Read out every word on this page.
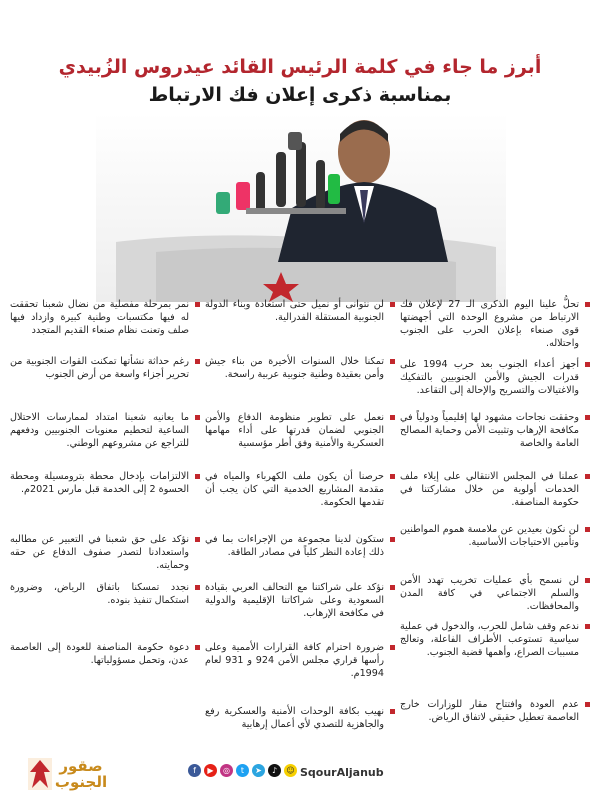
أبرز ما جاء في كلمة الرئيس القائد عيدروس الزُبيدي
بمناسبة ذكرى إعلان فك الارتباط
تحلُّ علينا اليوم الذكرى الـ 27 لإعلان فك الارتباط من مشروع الوحدة التي أجهضتها قوى صنعاء بإعلان الحرب على الجنوب واحتلاله.
أجهز أعداء الجنوب بعد حرب 1994 على قدرات الجيش والأمن الجنوبيين بالتفكيك والاغتيالات والتسريح والإحالة إلى التقاعد.
وحققت نجاحات مشهود لها إقليمياً ودولياً في مكافحة الإرهاب وتثبيت الأمن وحماية المصالح العامة والخاصة
عملنا في المجلس الانتقالي على إيلاء ملف الخدمات أولوية من خلال مشاركتنا في حكومة المناصفة.
لن نكون بعيدين عن ملامسة هموم المواطنين وتأمين الاحتياجات الأساسية.
لن نسمح بأي عمليات تخريب تهدد الأمن والسلم الاجتماعي في كافة المدن والمحافظات.
ندعم وقف شامل للحرب، والدخول في عملية سياسية تستوعب الأطراف الفاعلة، وتعالج مسببات الصراع، وأهمها قضية الجنوب.
عدم العودة وافتتاح مقار للوزارات خارج العاصمة تعطيل حقيقي لاتفاق الرياض.
لن نتوانى أو نميل حتى استعادة وبناء الدولة الجنوبية المستقلة الفدرالية.
تمكنا خلال السنوات الأخيرة من بناء جيش وأمن بعقيدة وطنية جنوبية عربية راسخة.
نعمل على تطوير منظومة الدفاع والأمن الجنوبي لضمان قدرتها على أداء مهامها العسكرية والأمنية وفق أطر مؤسسية
حرصنا أن يكون ملف الكهرباء والمياه في مقدمة المشاريع الخدمية التي كان يجب أن تقدمها الحكومة.
ستكون لدينا مجموعة من الإجراءات بما في ذلك إعادة النظر كلياً في مصادر الطاقة.
نؤكد على شراكتنا مع التحالف العربي بقيادة السعودية وعلى شراكاتنا الإقليمية والدولية في مكافحة الإرهاب.
ضرورة احترام كافة القرارات الأممية وعلى رأسها قراري مجلس الأمن 924 و 931 لعام 1994م.
نهيب بكافة الوحدات الأمنية والعسكرية رفع والجاهزية للتصدي لأي أعمال إرهابية
نمر بمرحلة مفصلية من نضال شعبنا تحققت له فيها مكتسبات وطنية كبيرة وازداد فيها صلف وتعنت نظام صنعاء القديم المتجدد
رغم حداثة نشأتها تمكنت القوات الجنوبية من تحرير أجزاء واسعة من أرض الجنوب
ما يعانيه شعبنا امتداد لممارسات الاحتلال الساعية لتحطيم معنويات الجنوبيين ودفعهم للتراجع عن مشروعهم الوطني.
الالتزامات بإدخال محطة بترومسيلة ومحطة الحسوة 2 إلى الخدمة قبل مارس 2021م.
نؤكد على حق شعبنا في التعبير عن مطالبه واستعدادنا لتصدر صفوف الدفاع عن حقه وحمايته.
نجدد تمسكنا باتفاق الرياض، وضرورة استكمال تنفيذ بنوده.
دعوة حكومة المناصفة للعودة إلى العاصمة عدن، وتحمل مسؤولياتها.
صقور الجنوب
f	▶	◎	t	➤	♪	☺ SqourAljanub
